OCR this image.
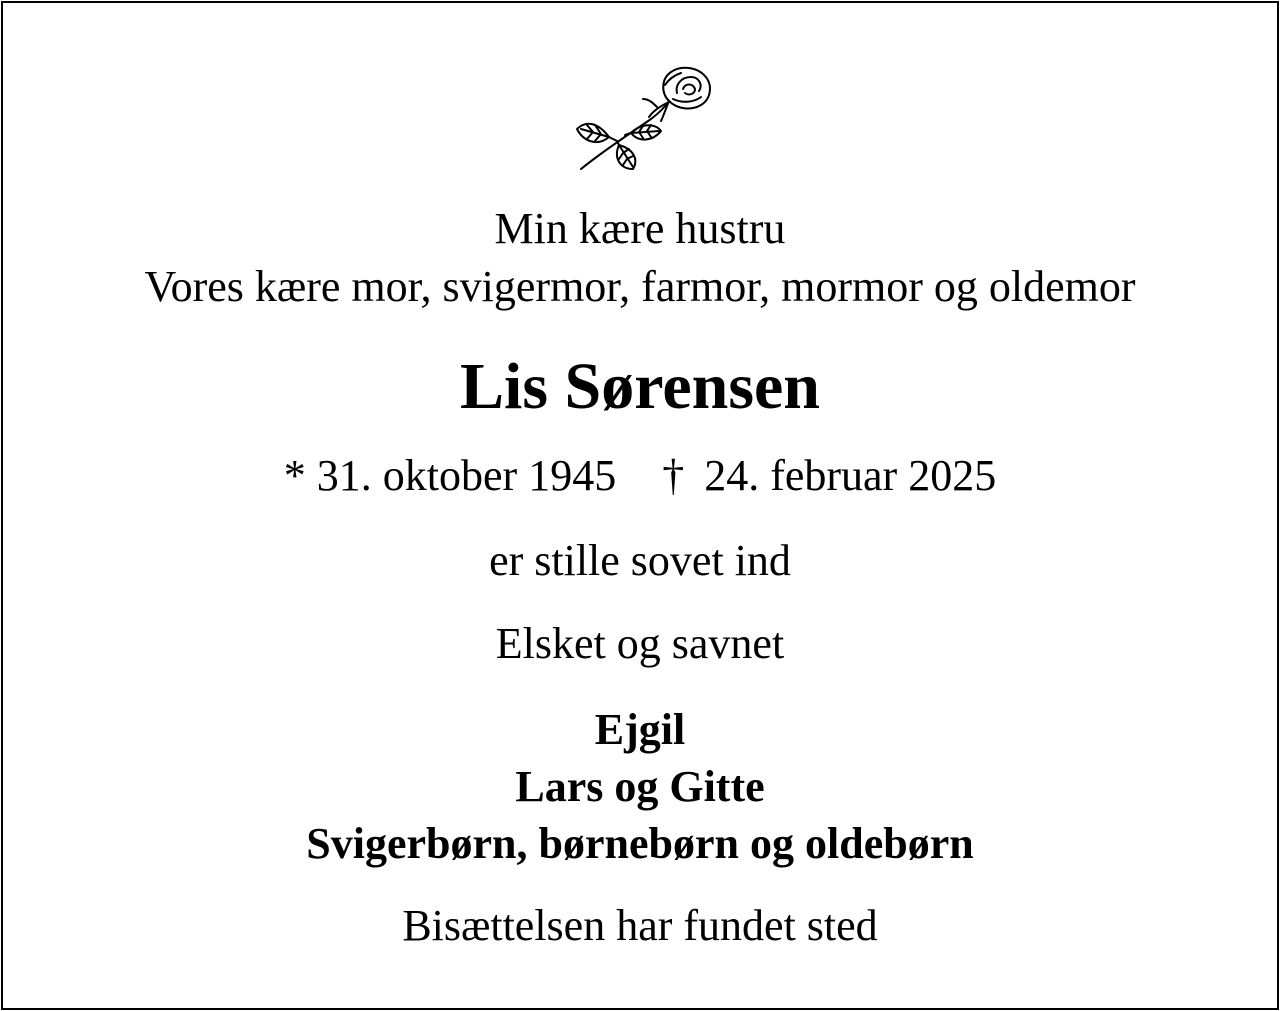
Min kære hustru
Vores kære mor, svigermor, farmor, mormor og oldemor
Lis Sørensen
* 31. oktober 1945 † 24. februar 2025
er stille sovet ind
Elsket og savnet
Ejgil
Lars og Gitte
Svigerbørn, børnebørn og oldebørn
Bisættelsen har fundet sted
